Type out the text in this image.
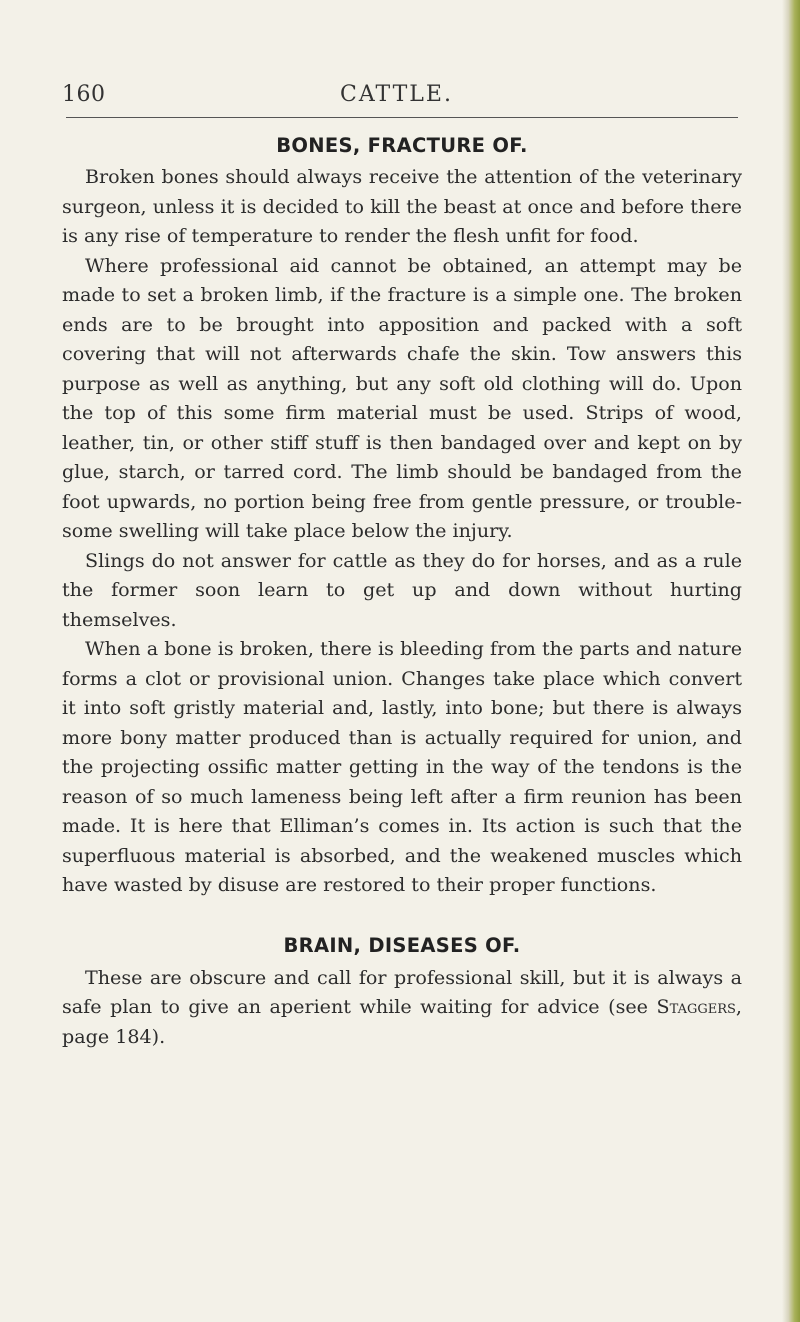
160	CATTLE.
BONES, FRACTURE OF.

Broken bones should always receive the attention of the veterinary surgeon, unless it is decided to kill the beast at once and before there is any rise of temperature to render the flesh unfit for food.

Where professional aid cannot be obtained, an attempt may be made to set a broken limb, if the fracture is a simple one. The broken ends are to be brought into apposition and packed with a soft covering that will not afterwards chafe the skin. Tow answers this purpose as well as anything, but any soft old clothing will do. Upon the top of this some firm material must be used. Strips of wood, leather, tin, or other stiff stuff is then bandaged over and kept on by glue, starch, or tarred cord. The limb should be bandaged from the foot upwards, no portion being free from gentle pressure, or trouble-some swelling will take place below the injury.

Slings do not answer for cattle as they do for horses, and as a rule the former soon learn to get up and down without hurting themselves.

When a bone is broken, there is bleeding from the parts and nature forms a clot or provisional union. Changes take place which convert it into soft gristly material and, lastly, into bone; but there is always more bony matter produced than is actually required for union, and the projecting ossific matter getting in the way of the tendons is the reason of so much lameness being left after a firm reunion has been made. It is here that Elliman’s comes in. Its action is such that the superfluous material is absorbed, and the weakened muscles which have wasted by disuse are restored to their proper functions.

BRAIN, DISEASES OF.

These are obscure and call for professional skill, but it is always a safe plan to give an aperient while waiting for advice (see Staggers, page 184).
